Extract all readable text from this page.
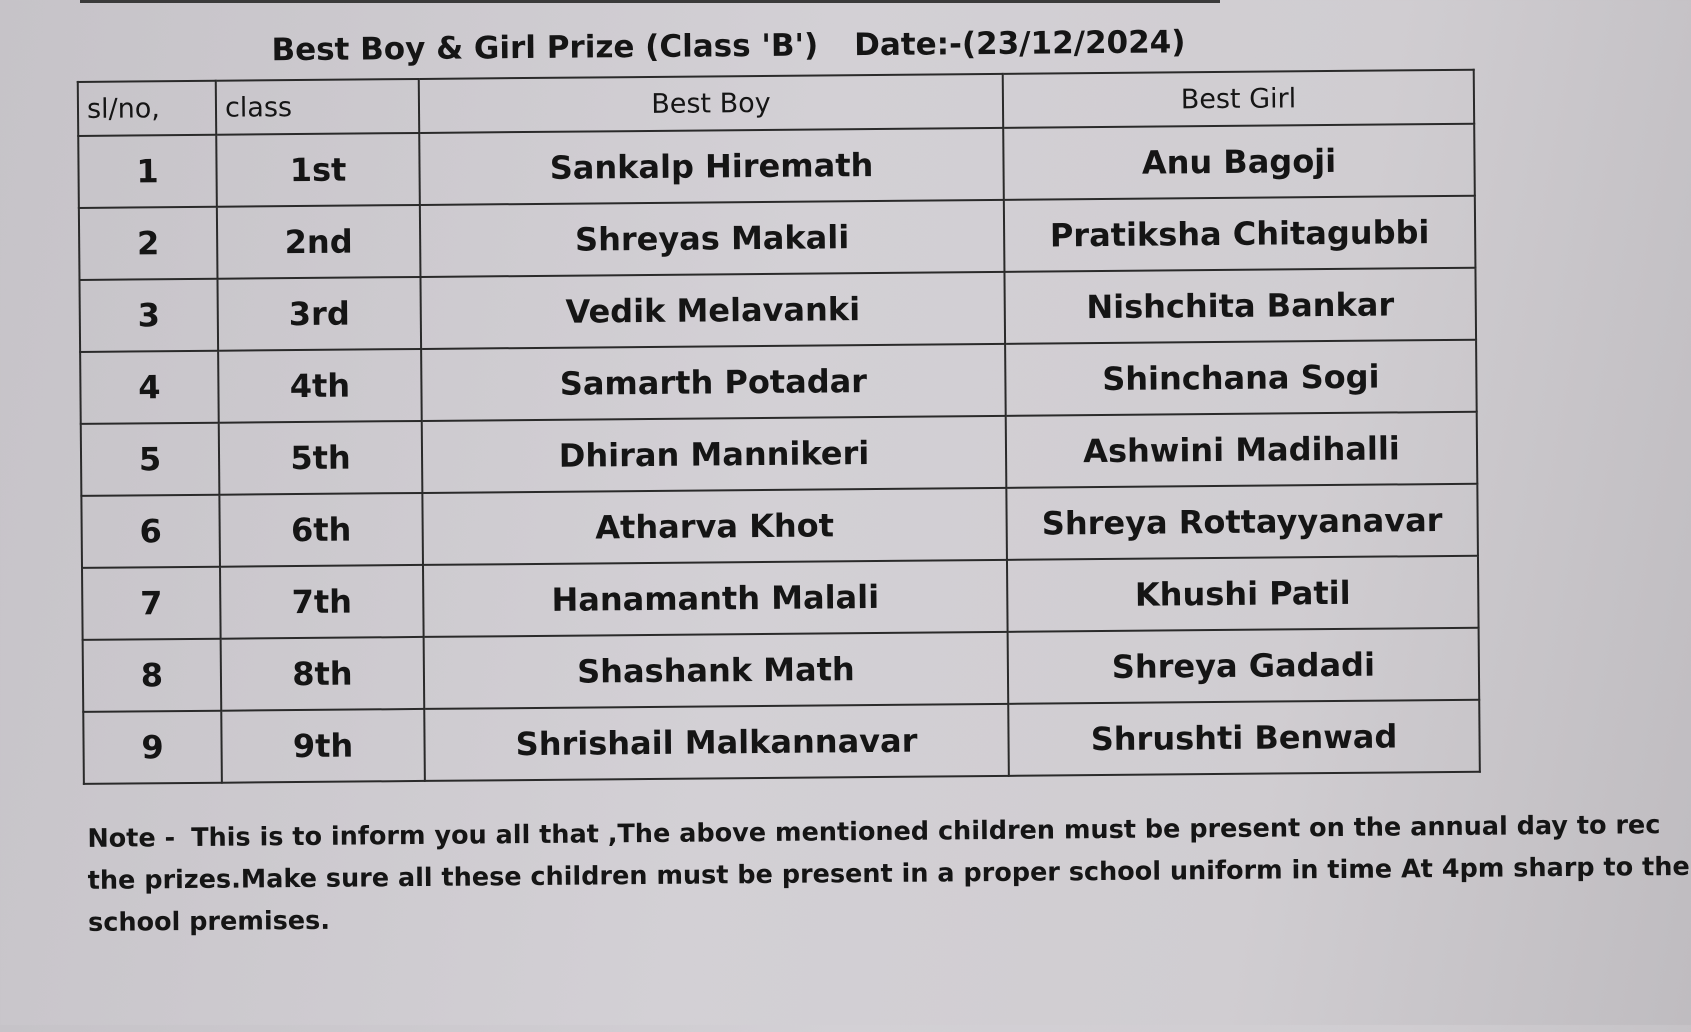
Best Boy & Girl Prize (Class 'B') Date:-(23/12/2024)
sl/no,	class	Best Boy	Best Girl
1	1st	Sankalp Hiremath	Anu Bagoji
2	2nd	Shreyas Makali	Pratiksha Chitagubbi
3	3rd	Vedik Melavanki	Nishchita Bankar
4	4th	Samarth Potadar	Shinchana Sogi
5	5th	Dhiran Mannikeri	Ashwini Madihalli
6	6th	Atharva Khot	Shreya Rottayyanavar
7	7th	Hanamanth Malali	Khushi Patil
8	8th	Shashank Math	Shreya Gadadi
9	9th	Shrishail Malkannavar	Shrushti Benwad
Note - This is to inform you all that ,The above mentioned children must be present on the annual day to rec
the prizes.Make sure all these children must be present in a proper school uniform in time At 4pm sharp to the
school premises.
